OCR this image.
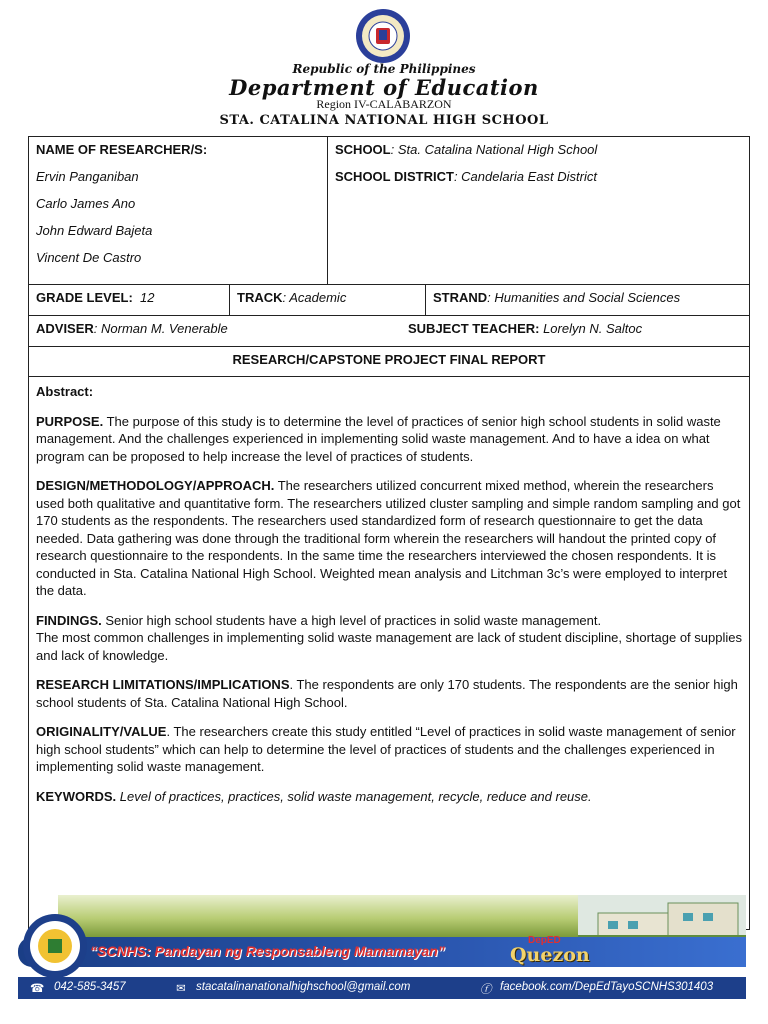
Republic of the Philippines
Department of Education
Region IV-CALABARZON
STA. CATALINA NATIONAL HIGH SCHOOL
NAME OF RESEARCHER/S:
Ervin Panganiban
Carlo James Ano
John Edward Bajeta
Vincent De Castro
SCHOOL: Sta. Catalina National High School
SCHOOL DISTRICT: Candelaria East District
GRADE LEVEL: 12	TRACK: Academic	STRAND: Humanities and Social Sciences
ADVISER: Norman M. Venerable	SUBJECT TEACHER: Lorelyn N. Saltoc
RESEARCH/CAPSTONE PROJECT FINAL REPORT

Abstract:

PURPOSE. The purpose of this study is to determine the level of practices of senior high school students in solid waste management. And the challenges experienced in implementing solid waste management. And to have a idea on what program can be proposed to help increase the level of practices of students.

DESIGN/METHODOLOGY/APPROACH. The researchers utilized concurrent mixed method, wherein the researchers used both qualitative and quantitative form. The researchers utilized cluster sampling and simple random sampling and got 170 students as the respondents. The researchers used standardized form of research questionnaire to get the data needed. Data gathering was done through the traditional form wherein the researchers will handout the printed copy of research questionnaire to the respondents. In the same time the researchers interviewed the chosen respondents. It is conducted in Sta. Catalina National High School. Weighted mean analysis and Litchman 3c’s were employed to interpret the data.

FINDINGS. Senior high school students have a high level of practices in solid waste management.
The most common challenges in implementing solid waste management are lack of student discipline, shortage of supplies and lack of knowledge.

RESEARCH LIMITATIONS/IMPLICATIONS. The respondents are only 170 students. The respondents are the senior high school students of Sta. Catalina National High School.

ORIGINALITY/VALUE. The researchers create this study entitled “Level of practices in solid waste management of senior high school students” which can help to determine the level of practices of students and the challenges experienced in implementing solid waste management.

KEYWORDS. Level of practices, practices, solid waste management, recycle, reduce and reuse.

“SCNHS: Pandayan ng Responsableng Mamamayan”
DepED
Quezon
☎ 042-585-3457	✉ stacatalinanationalhighschool@gmail.com	ⓕ facebook.com/DepEdTayoSCNHS301403
